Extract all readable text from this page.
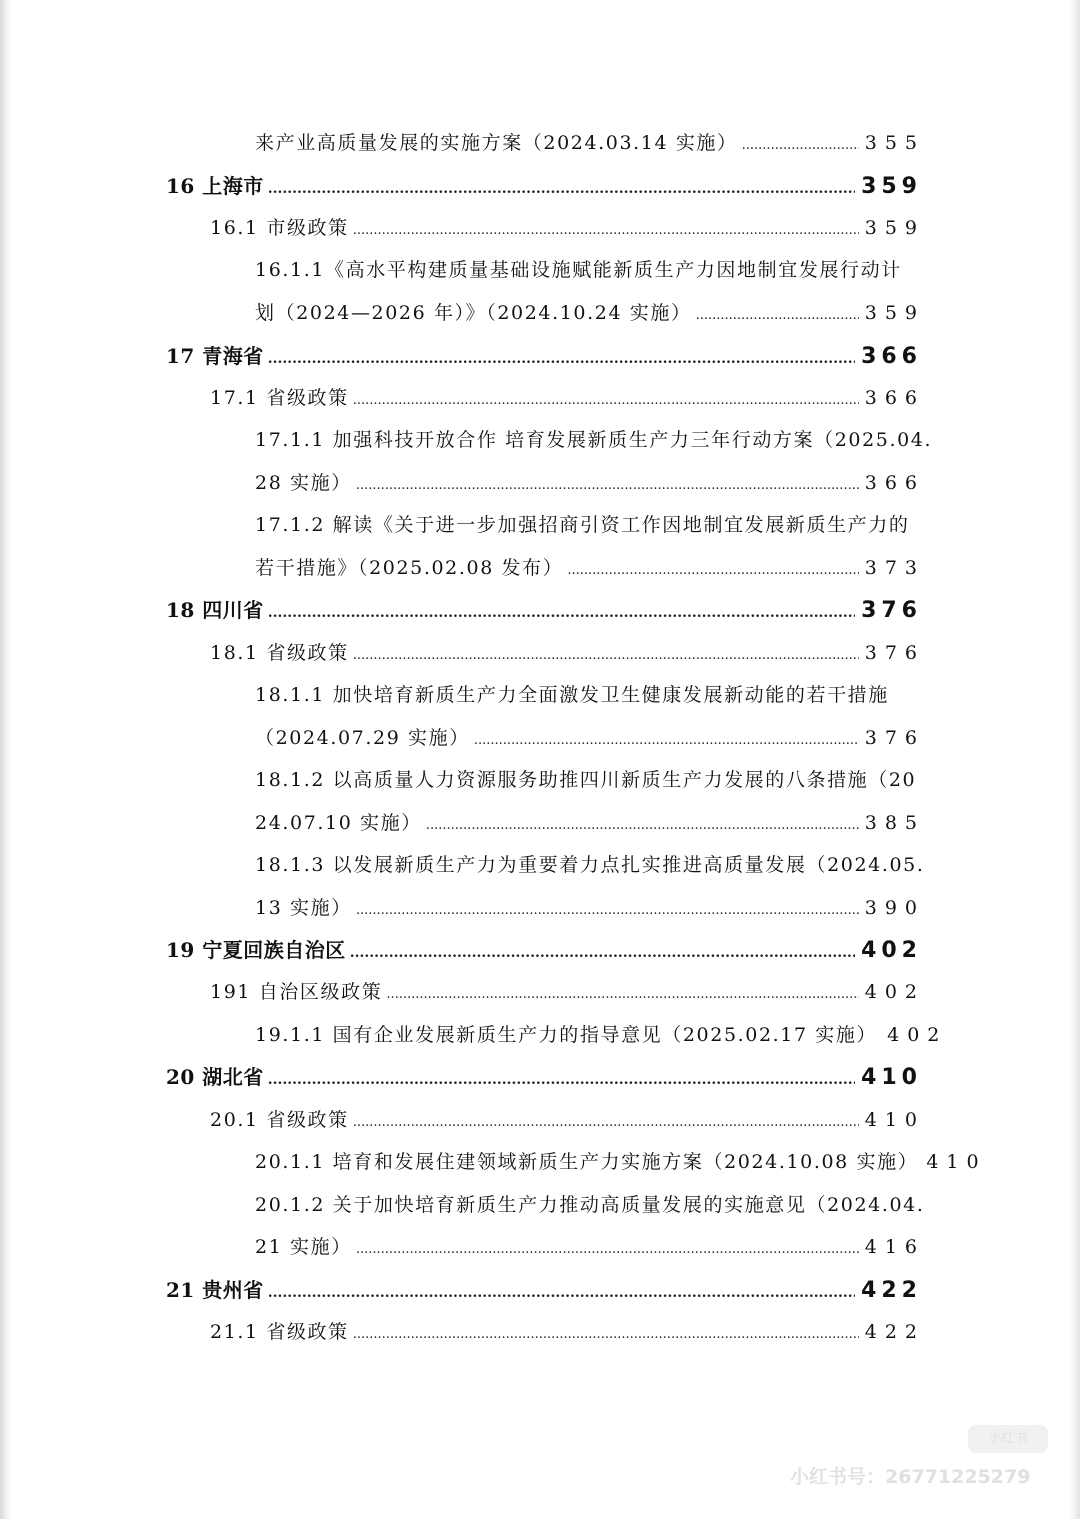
来产业高质量发展的实施方案（2024.03.14 实施） .....	355
16 上海市 .....	359
16.1 市级政策 .....	359
16.1.1《高水平构建质量基础设施赋能新质生产力因地制宜发展行动计
划（2024—2026 年）》（2024.10.24 实施） .....	359
17 青海省 .....	366
17.1 省级政策 .....	366
17.1.1 加强科技开放合作 培育发展新质生产力三年行动方案（2025.04.
28 实施） .....	366
17.1.2 解读《关于进一步加强招商引资工作因地制宜发展新质生产力的
若干措施》（2025.02.08 发布） .....	373
18 四川省 .....	376
18.1 省级政策 .....	376
18.1.1 加快培育新质生产力全面激发卫生健康发展新动能的若干措施
（2024.07.29 实施） .....	376
18.1.2 以高质量人力资源服务助推四川新质生产力发展的八条措施（20
24.07.10 实施） .....	385
18.1.3 以发展新质生产力为重要着力点扎实推进高质量发展（2024.05.
13 实施） .....	390
19 宁夏回族自治区 .....	402
191 自治区级政策 .....	402
19.1.1 国有企业发展新质生产力的指导意见（2025.02.17 实施） 402
20 湖北省 .....	410
20.1 省级政策 .....	410
20.1.1 培育和发展住建领域新质生产力实施方案（2024.10.08 实施） 410
20.1.2 关于加快培育新质生产力推动高质量发展的实施意见（2024.04.
21 实施） .....	416
21 贵州省 .....	422
21.1 省级政策 .....	422
小红书
小红书号：26771225279
